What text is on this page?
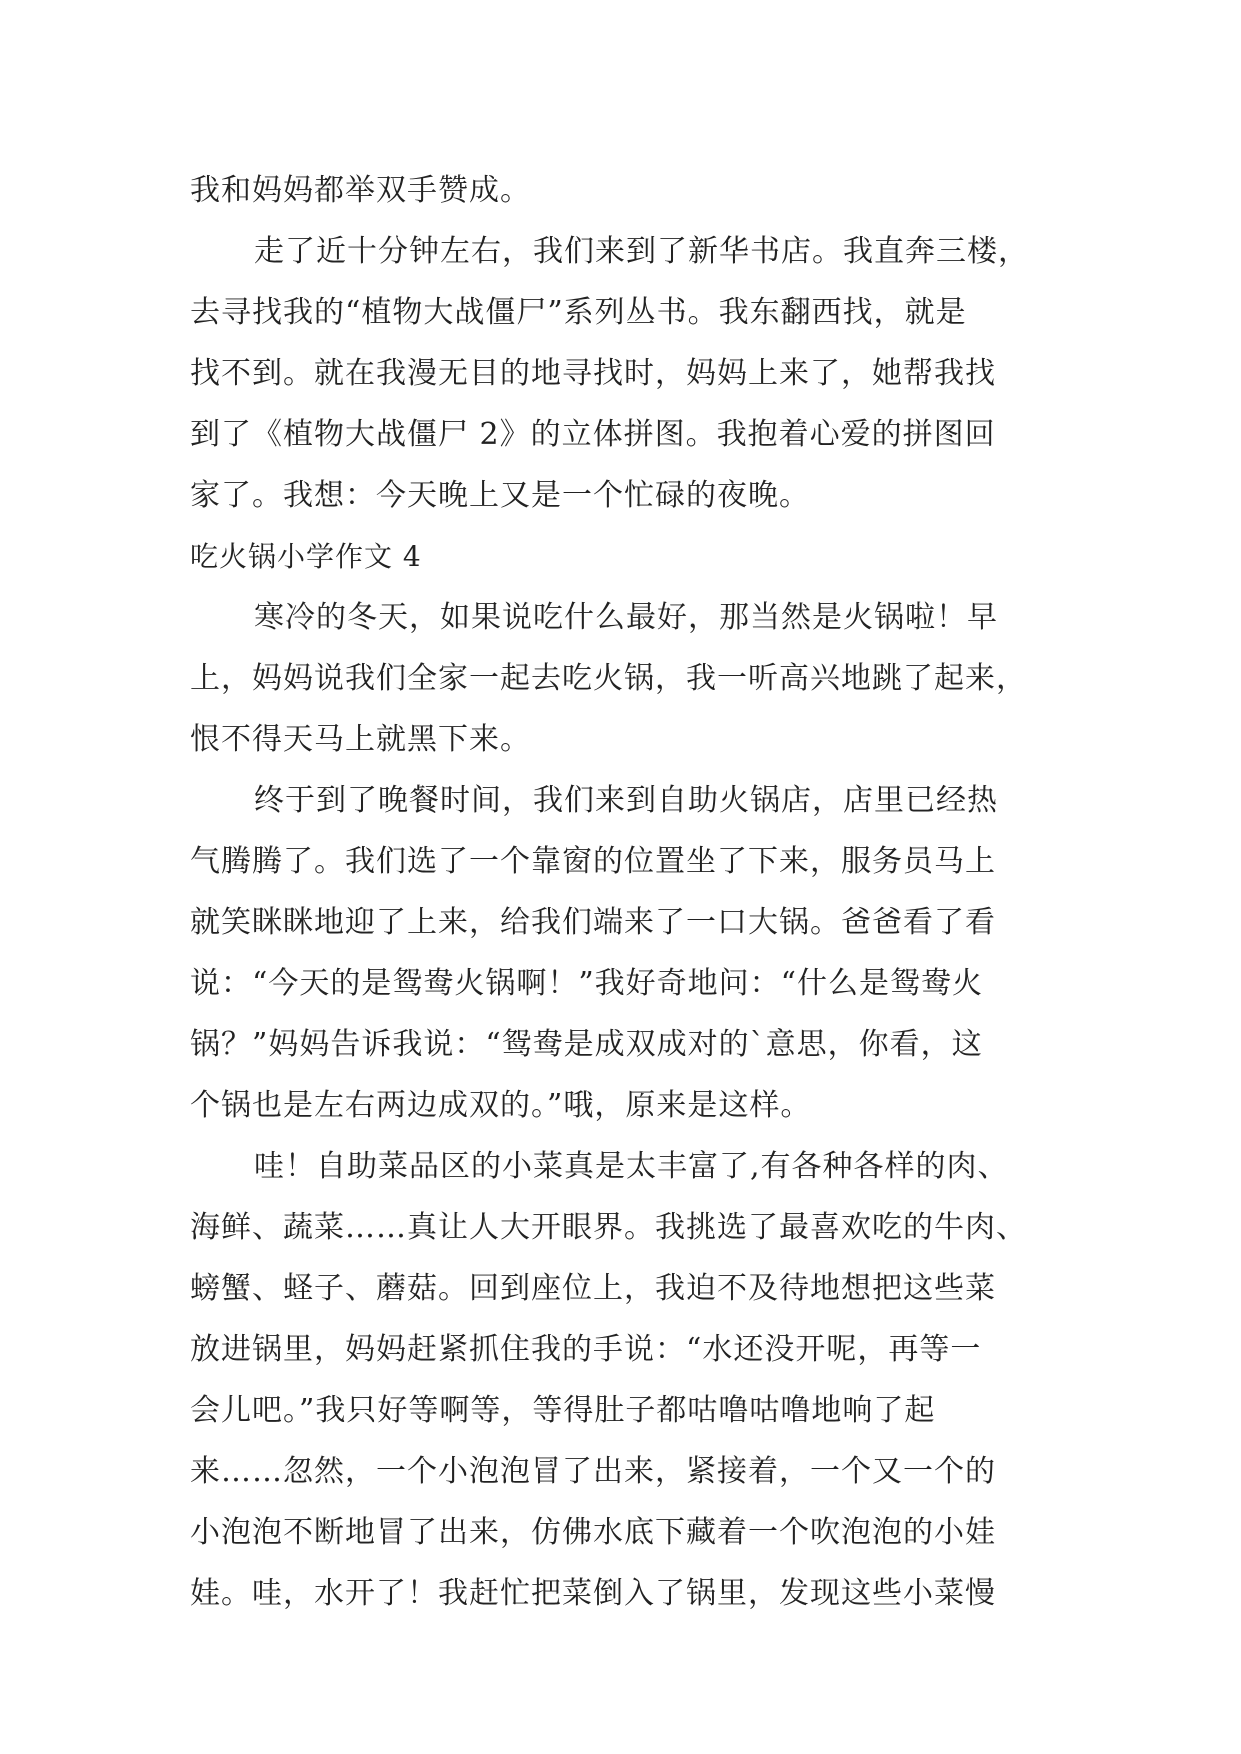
我和妈妈都举双手赞成。
走了近十分钟左右，我们来到了新华书店。我直奔三楼，
去寻找我的“植物大战僵尸”系列丛书。我东翻西找，就是
找不到。就在我漫无目的地寻找时，妈妈上来了，她帮我找
到了《植物大战僵尸 2》的立体拼图。我抱着心爱的拼图回
家了。我想：今天晚上又是一个忙碌的夜晚。
吃火锅小学作文 4
寒冷的冬天，如果说吃什么最好，那当然是火锅啦！早
上，妈妈说我们全家一起去吃火锅，我一听高兴地跳了起来，
恨不得天马上就黑下来。
终于到了晚餐时间，我们来到自助火锅店，店里已经热
气腾腾了。我们选了一个靠窗的位置坐了下来，服务员马上
就笑眯眯地迎了上来，给我们端来了一口大锅。爸爸看了看
说：“今天的是鸳鸯火锅啊！”我好奇地问：“什么是鸳鸯火
锅？”妈妈告诉我说：“鸳鸯是成双成对的`意思，你看，这
个锅也是左右两边成双的。”哦，原来是这样。
哇！自助菜品区的小菜真是太丰富了,有各种各样的肉、
海鲜、蔬菜……真让人大开眼界。我挑选了最喜欢吃的牛肉、
螃蟹、蛏子、蘑菇。回到座位上，我迫不及待地想把这些菜
放进锅里，妈妈赶紧抓住我的手说：“水还没开呢，再等一
会儿吧。”我只好等啊等，等得肚子都咕噜咕噜地响了起
来……忽然，一个小泡泡冒了出来，紧接着，一个又一个的
小泡泡不断地冒了出来，仿佛水底下藏着一个吹泡泡的小娃
娃。哇，水开了！我赶忙把菜倒入了锅里，发现这些小菜慢
